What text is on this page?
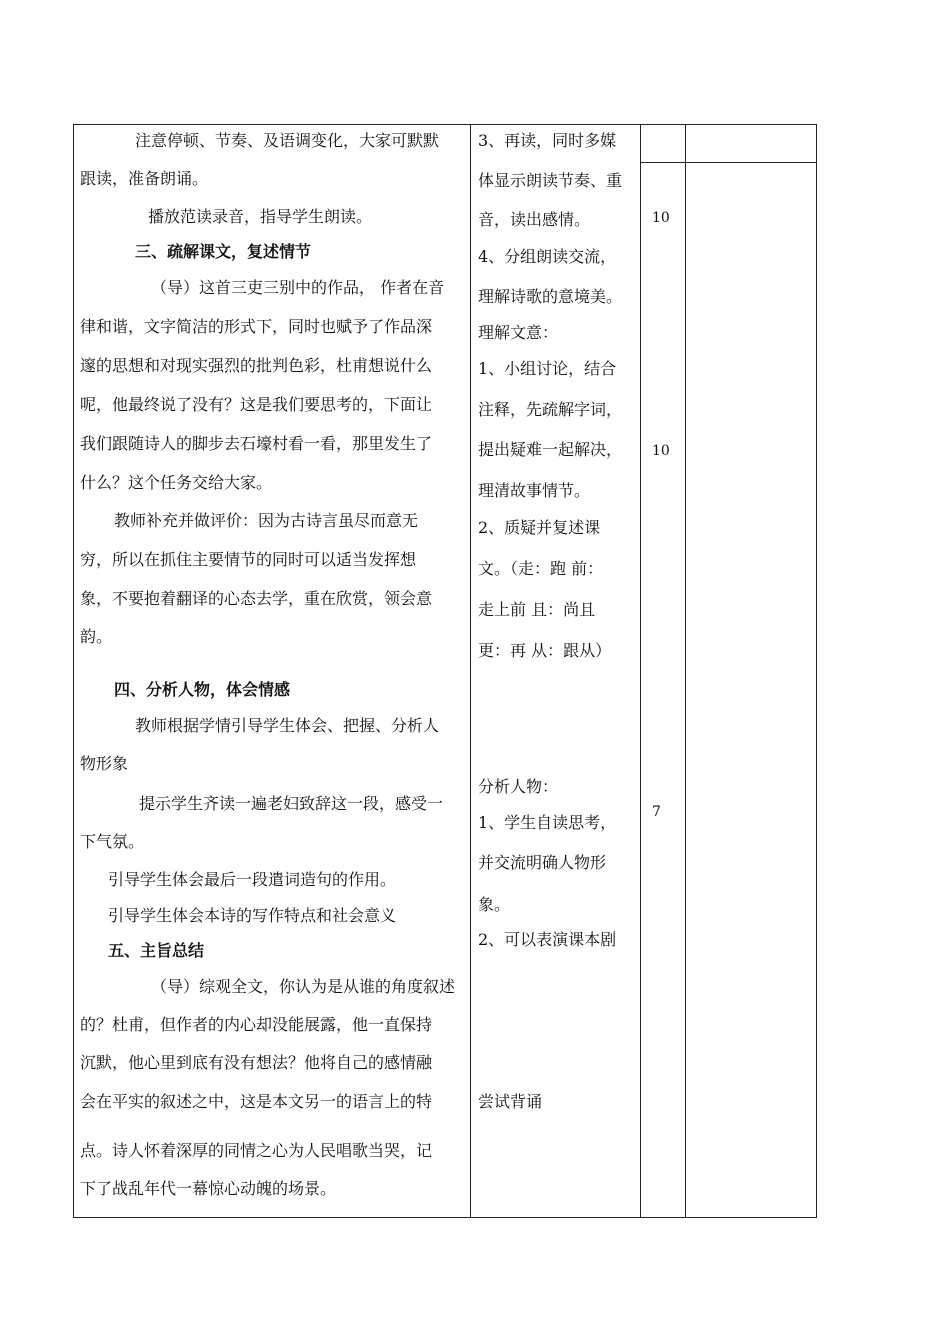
注意停顿、节奏、及语调变化，大家可默默
跟读，准备朗诵。
播放范读录音，指导学生朗读。
三、疏解课文，复述情节
（导）这首三吏三别中的作品， 作者在音
律和谐，文字简洁的形式下，同时也赋予了作品深
邃的思想和对现实强烈的批判色彩，杜甫想说什么
呢，他最终说了没有？这是我们要思考的，下面让
我们跟随诗人的脚步去石壕村看一看，那里发生了
什么？这个任务交给大家。
教师补充并做评价：因为古诗言虽尽而意无
穷，所以在抓住主要情节的同时可以适当发挥想
象，不要抱着翻译的心态去学，重在欣赏，领会意
韵。
四、分析人物，体会情感
教师根据学情引导学生体会、把握、分析人
物形象
提示学生齐读一遍老妇致辞这一段，感受一
下气氛。
引导学生体会最后一段遣词造句的作用。
引导学生体会本诗的写作特点和社会意义
五、主旨总结
（导）综观全文，你认为是从谁的角度叙述
的？杜甫，但作者的内心却没能展露，他一直保持
沉默，他心里到底有没有想法？他将自己的感情融
会在平实的叙述之中，这是本文另一的语言上的特
点。诗人怀着深厚的同情之心为人民唱歌当哭，记
下了战乱年代一幕惊心动魄的场景。
3、再读，同时多媒
体显示朗读节奏、重
音，读出感情。
4、分组朗读交流，
理解诗歌的意境美。
理解文意：
1、小组讨论，结合
注释，先疏解字词，
提出疑难一起解决，
理清故事情节。
2、质疑并复述课
文。（走：跑 前：
走上前 且：尚且
更：再 从：跟从）
分析人物：
1、学生自读思考，
并交流明确人物形
象。
2、可以表演课本剧
尝试背诵
10
10
7
